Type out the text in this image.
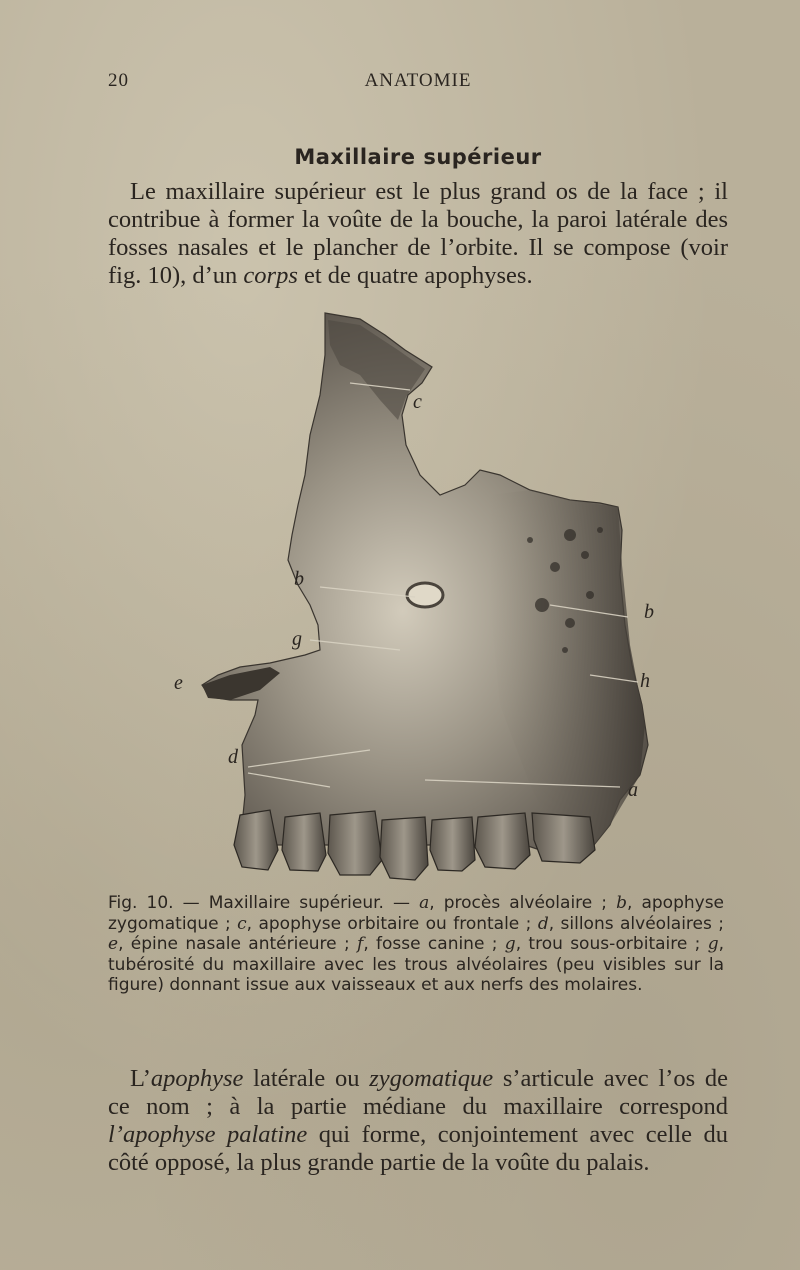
20	ANATOMIE
Maxillaire supérieur
Le maxillaire supérieur est le plus grand os de la face ; il contribue à former la voûte de la bouche, la paroi latérale des fosses nasales et le plancher de l’orbite. Il se compose (voir fig. 10), d’un corps et de quatre apophyses.
c
b
b
g
e	h
d
a
Fig. 10. — Maxillaire supérieur. — a, procès alvéolaire ; b, apophyse zygomatique ; c, apophyse orbitaire ou frontale ; d, sillons alvéolaires ; e, épine nasale antérieure ; f, fosse canine ; g, trou sous-orbitaire ; g, tubérosité du maxillaire avec les trous alvéolaires (peu visibles sur la figure) donnant issue aux vaisseaux et aux nerfs des molaires.
L’apophyse latérale ou zygomatique s’articule avec l’os de ce nom ; à la partie médiane du maxillaire correspond l’apophyse palatine qui forme, conjointement avec celle du côté opposé, la plus grande partie de la voûte du palais.
